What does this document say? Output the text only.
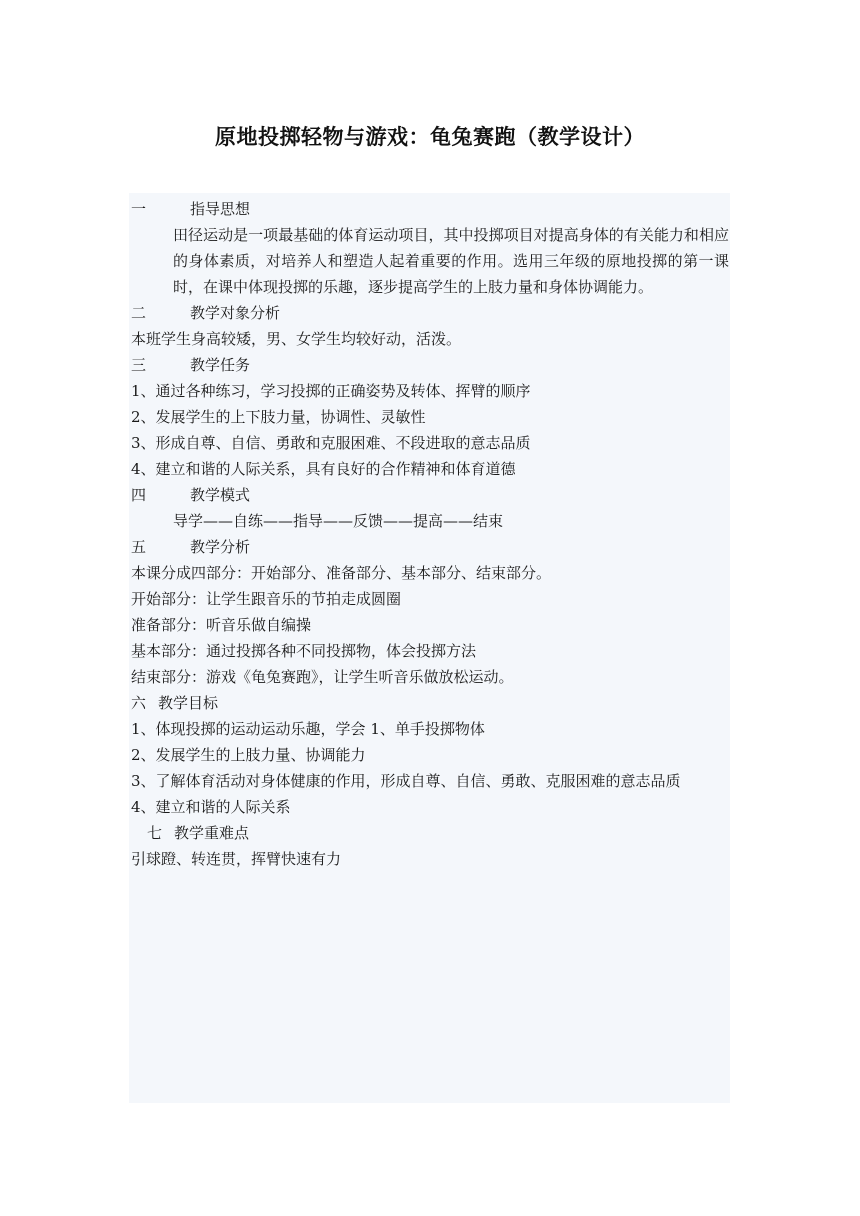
原地投掷轻物与游戏：龟兔赛跑（教学设计）
一	指导思想
田径运动是一项最基础的体育运动项目，其中投掷项目对提高身体的有关能力和相应的身体素质，对培养人和塑造人起着重要的作用。选用三年级的原地投掷的第一课时，在课中体现投掷的乐趣，逐步提高学生的上肢力量和身体协调能力。
二	教学对象分析
本班学生身高较矮，男、女学生均较好动，活泼。
三	教学任务
1、通过各种练习，学习投掷的正确姿势及转体、挥臂的顺序
2、发展学生的上下肢力量，协调性、灵敏性
3、形成自尊、自信、勇敢和克服困难、不段进取的意志品质
4、建立和谐的人际关系，具有良好的合作精神和体育道德
四	教学模式
导学——自练——指导——反馈——提高——结束
五	教学分析
本课分成四部分：开始部分、准备部分、基本部分、结束部分。
开始部分：让学生跟音乐的节拍走成圆圈
准备部分：听音乐做自编操
基本部分：通过投掷各种不同投掷物，体会投掷方法
结束部分：游戏《龟兔赛跑》，让学生听音乐做放松运动。
六 教学目标
1、体现投掷的运动运动乐趣，学会 1、单手投掷物体
2、发展学生的上肢力量、协调能力
3、了解体育活动对身体健康的作用，形成自尊、自信、勇敢、克服困难的意志品质
4、建立和谐的人际关系
七 教学重难点
引球蹬、转连贯，挥臂快速有力
